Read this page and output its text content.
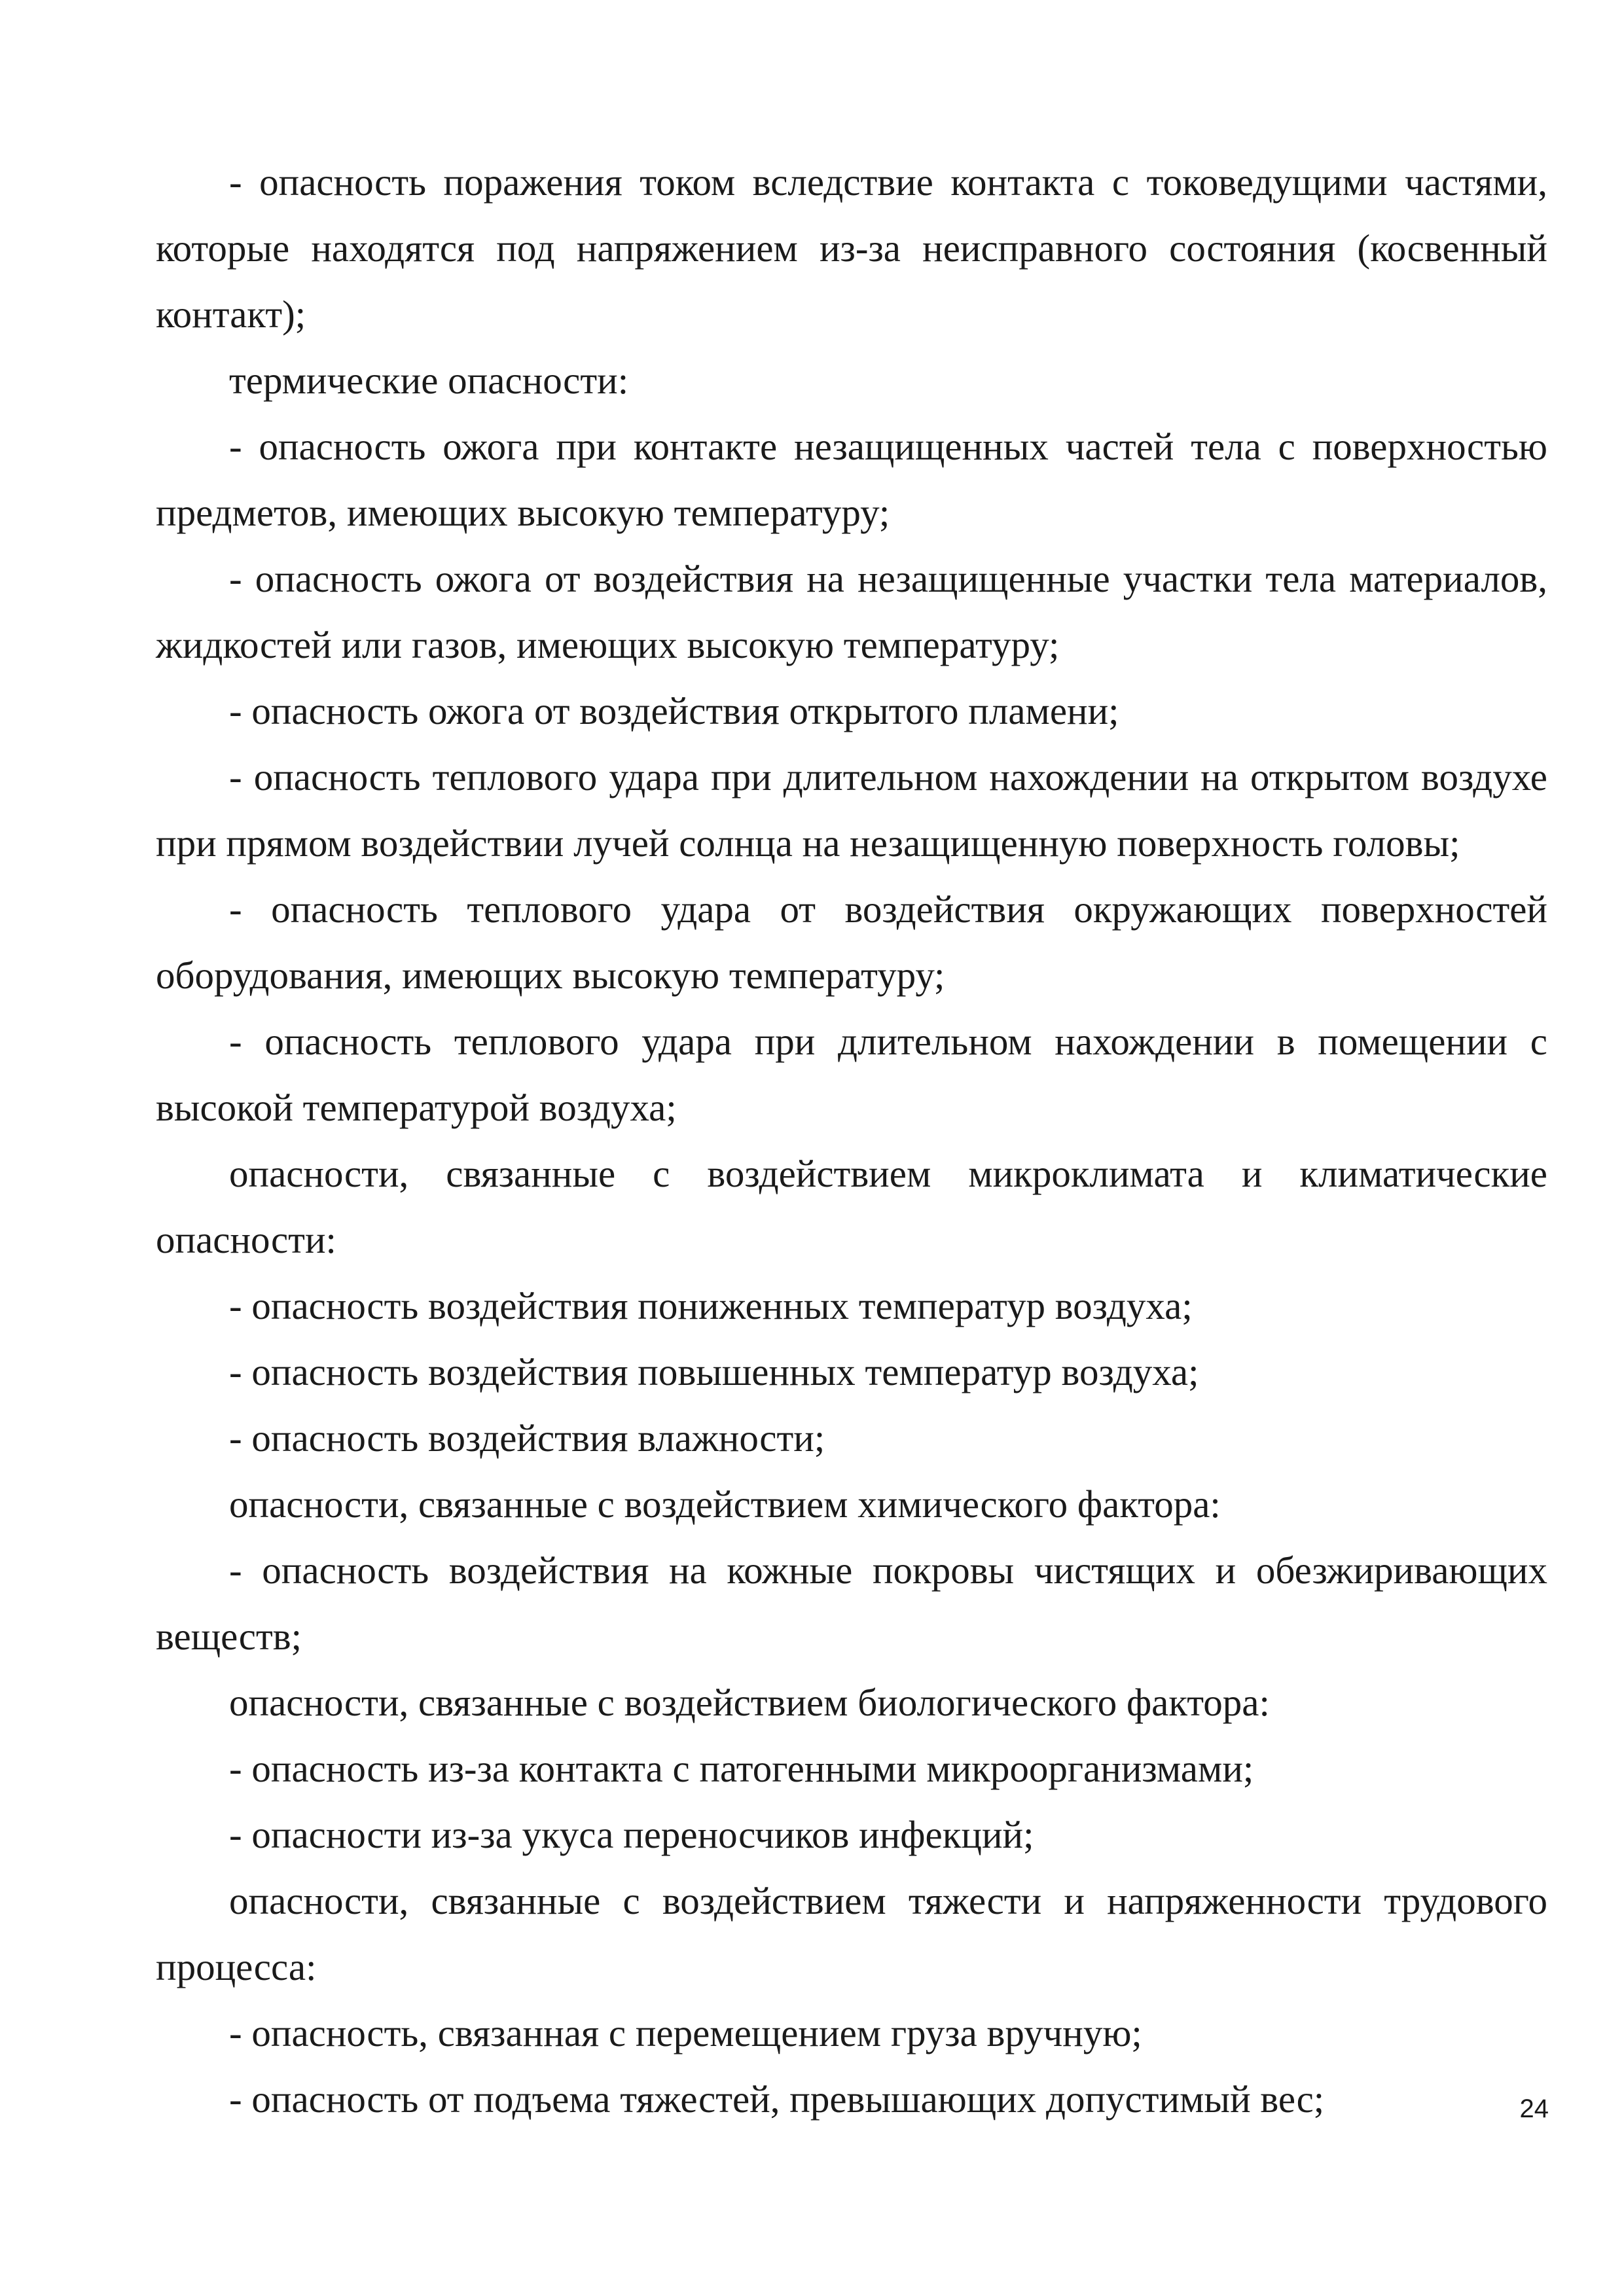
- опасность поражения током вследствие контакта с токоведущими частями, которые находятся под напряжением из-за неисправного состояния (косвенный контакт);

термические опасности:

- опасность ожога при контакте незащищенных частей тела с поверхностью предметов, имеющих высокую температуру;

- опасность ожога от воздействия на незащищенные участки тела материалов, жидкостей или газов, имеющих высокую температуру;

- опасность ожога от воздействия открытого пламени;

- опасность теплового удара при длительном нахождении на открытом воздухе при прямом воздействии лучей солнца на незащищенную поверхность головы;

- опасность теплового удара от воздействия окружающих поверхностей оборудования, имеющих высокую температуру;

- опасность теплового удара при длительном нахождении в помещении с высокой температурой воздуха;

опасности, связанные с воздействием микроклимата и климатические опасности:

- опасность воздействия пониженных температур воздуха;

- опасность воздействия повышенных температур воздуха;

- опасность воздействия влажности;

опасности, связанные с воздействием химического фактора:

- опасность воздействия на кожные покровы чистящих и обезжиривающих веществ;

опасности, связанные с воздействием биологического фактора:

- опасность из-за контакта с патогенными микроорганизмами;

- опасности из-за укуса переносчиков инфекций;

опасности, связанные с воздействием тяжести и напряженности трудового процесса:

- опасность, связанная с перемещением груза вручную;

- опасность от подъема тяжестей, превышающих допустимый вес;	24
